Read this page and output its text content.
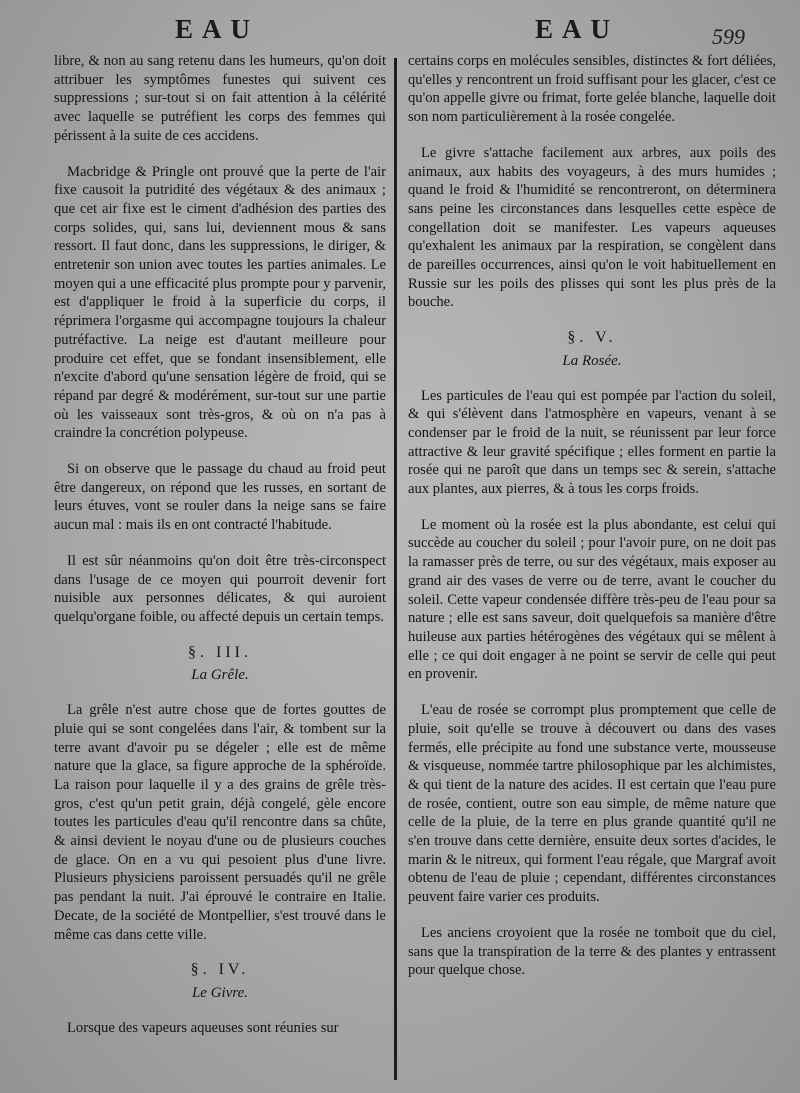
EAU	EAU	599

libre, & non au sang retenu dans les humeurs, qu'on doit attribuer les symptômes funestes qui suivent ces suppressions ; sur-tout si on fait attention à la célérité avec laquelle se putréfient les corps des femmes qui périssent à la suite de ces accidens.

Macbridge & Pringle ont prouvé que la perte de l'air fixe causoit la putridité des végétaux & des animaux ; que cet air fixe est le ciment d'adhésion des parties des corps solides, qui, sans lui, deviennent mous & sans ressort. Il faut donc, dans les suppressions, le diriger, & entretenir son union avec toutes les parties animales. Le moyen qui a une efficacité plus prompte pour y parvenir, est d'appliquer le froid à la superficie du corps, il réprimera l'orgasme qui accompagne toujours la chaleur putréfactive. La neige est d'autant meilleure pour produire cet effet, que se fondant insensiblement, elle n'excite d'abord qu'une sensation légère de froid, qui se répand par degré & modérément, sur-tout sur une partie où les vaisseaux sont très-gros, & où on n'a pas à craindre la concrétion polypeuse.

Si on observe que le passage du chaud au froid peut être dangereux, on répond que les russes, en sortant de leurs étuves, vont se rouler dans la neige sans se faire aucun mal : mais ils en ont contracté l'habitude.

Il est sûr néanmoins qu'on doit être très-circonspect dans l'usage de ce moyen qui pourroit devenir fort nuisible aux personnes délicates, & qui auroient quelqu'organe foible, ou affecté depuis un certain temps.

§. III.
La Grêle.

La grêle n'est autre chose que de fortes gouttes de pluie qui se sont congelées dans l'air, & tombent sur la terre avant d'avoir pu se dégeler ; elle est de même nature que la glace, sa figure approche de la sphéroïde. La raison pour laquelle il y a des grains de grêle très-gros, c'est qu'un petit grain, déjà congelé, gèle encore toutes les particules d'eau qu'il rencontre dans sa chûte, & ainsi devient le noyau d'une ou de plusieurs couches de glace. On en a vu qui pesoient plus d'une livre. Plusieurs physiciens paroissent persuadés qu'il ne grêle pas pendant la nuit. J'ai éprouvé le contraire en Italie. Decate, de la société de Montpellier, s'est trouvé dans le même cas dans cette ville.

§. IV.
Le Givre.

Lorsque des vapeurs aqueuses sont réunies sur

certains corps en molécules sensibles, distinctes & fort déliées, qu'elles y rencontrent un froid suffisant pour les glacer, c'est ce qu'on appelle givre ou frimat, forte gelée blanche, laquelle doit son nom particulièrement à la rosée congelée.

Le givre s'attache facilement aux arbres, aux poils des animaux, aux habits des voyageurs, à des murs humides ; quand le froid & l'humidité se rencontreront, on déterminera sans peine les circonstances dans lesquelles cette espèce de congellation doit se manifester. Les vapeurs aqueuses qu'exhalent les animaux par la respiration, se congèlent dans de pareilles occurrences, ainsi qu'on le voit habituellement en Russie sur les poils des plisses qui sont les plus près de la bouche.

§. V.
La Rosée.

Les particules de l'eau qui est pompée par l'action du soleil, & qui s'élèvent dans l'atmosphère en vapeurs, venant à se condenser par le froid de la nuit, se réunissent par leur force attractive & leur gravité spécifique ; elles forment en partie la rosée qui ne paroît que dans un temps sec & serein, s'attache aux plantes, aux pierres, & à tous les corps froids.

Le moment où la rosée est la plus abondante, est celui qui succède au coucher du soleil ; pour l'avoir pure, on ne doit pas la ramasser près de terre, ou sur des végétaux, mais exposer au grand air des vases de verre ou de terre, avant le coucher du soleil. Cette vapeur condensée diffère très-peu de l'eau pour sa nature ; elle est sans saveur, doit quelquefois sa manière d'être huileuse aux parties hétérogènes des végétaux qui se mêlent à elle ; ce qui doit engager à ne point se servir de celle qui peut en provenir.

L'eau de rosée se corrompt plus promptement que celle de pluie, soit qu'elle se trouve à découvert ou dans des vases fermés, elle précipite au fond une substance verte, mousseuse & visqueuse, nommée tartre philosophique par les alchimistes, & qui tient de la nature des acides. Il est certain que l'eau pure de rosée, contient, outre son eau simple, de même nature que celle de la pluie, de la terre en plus grande quantité qu'il ne s'en trouve dans cette dernière, ensuite deux sortes d'acides, le marin & le nitreux, qui forment l'eau régale, que Margraf avoit obtenu de l'eau de pluie ; cependant, différentes circonstances peuvent faire varier ces produits.

Les anciens croyoient que la rosée ne tomboit que du ciel, sans que la transpiration de la terre & des plantes y entrassent pour quelque chose.
